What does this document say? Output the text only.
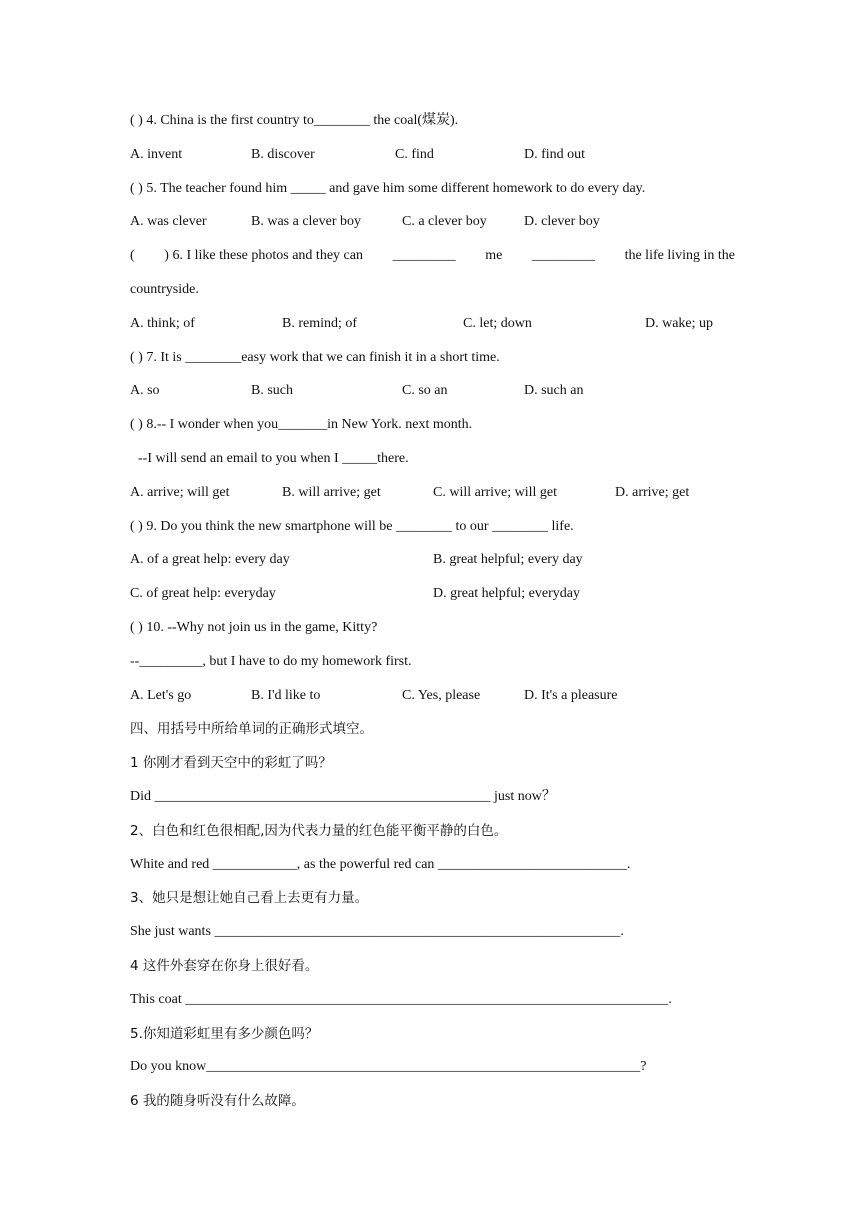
( ) 4. China is the first country to________ the coal(煤炭).
A. invent	B. discover	C. find	D. find out
( ) 5. The teacher found him _____ and gave him some different homework to do every day.
A. was clever	B. was a clever boy	C. a clever boy	D. clever boy
( ) 6. I like these photos and they can _________ me _________ the life living in the
countryside.
A. think; of	B. remind; of	C. let; down	D. wake; up
( ) 7. It is ________easy work that we can finish it in a short time.
A. so	B. such	C. so an	D. such an
( ) 8.-- I wonder when you_______in New York. next month.
--I will send an email to you when I _____there.
A. arrive; will get	B. will arrive; get	C. will arrive; will get	D. arrive; get
( ) 9. Do you think the new smartphone will be ________ to our ________ life.
A. of a great help: every day	B. great helpful; every day
C. of great help: everyday	D. great helpful; everyday
( ) 10. --Why not join us in the game, Kitty?
--_________, but I have to do my homework first.
A. Let's go	B. I'd like to	C. Yes, please	D. It's a pleasure
四、用括号中所给单词的正确形式填空。
1 你刚才看到天空中的彩虹了吗？
Did ________________________________________________ just now？
2、白色和红色很相配,因为代表力量的红色能平衡平静的白色。
White and red ____________, as the powerful red can ___________________________.
3、她只是想让她自己看上去更有力量。
She just wants __________________________________________________________.
4 这件外套穿在你身上很好看。
This coat _____________________________________________________________________.
5.你知道彩虹里有多少颜色吗？
Do you know______________________________________________________________?
6 我的随身听没有什么故障。
